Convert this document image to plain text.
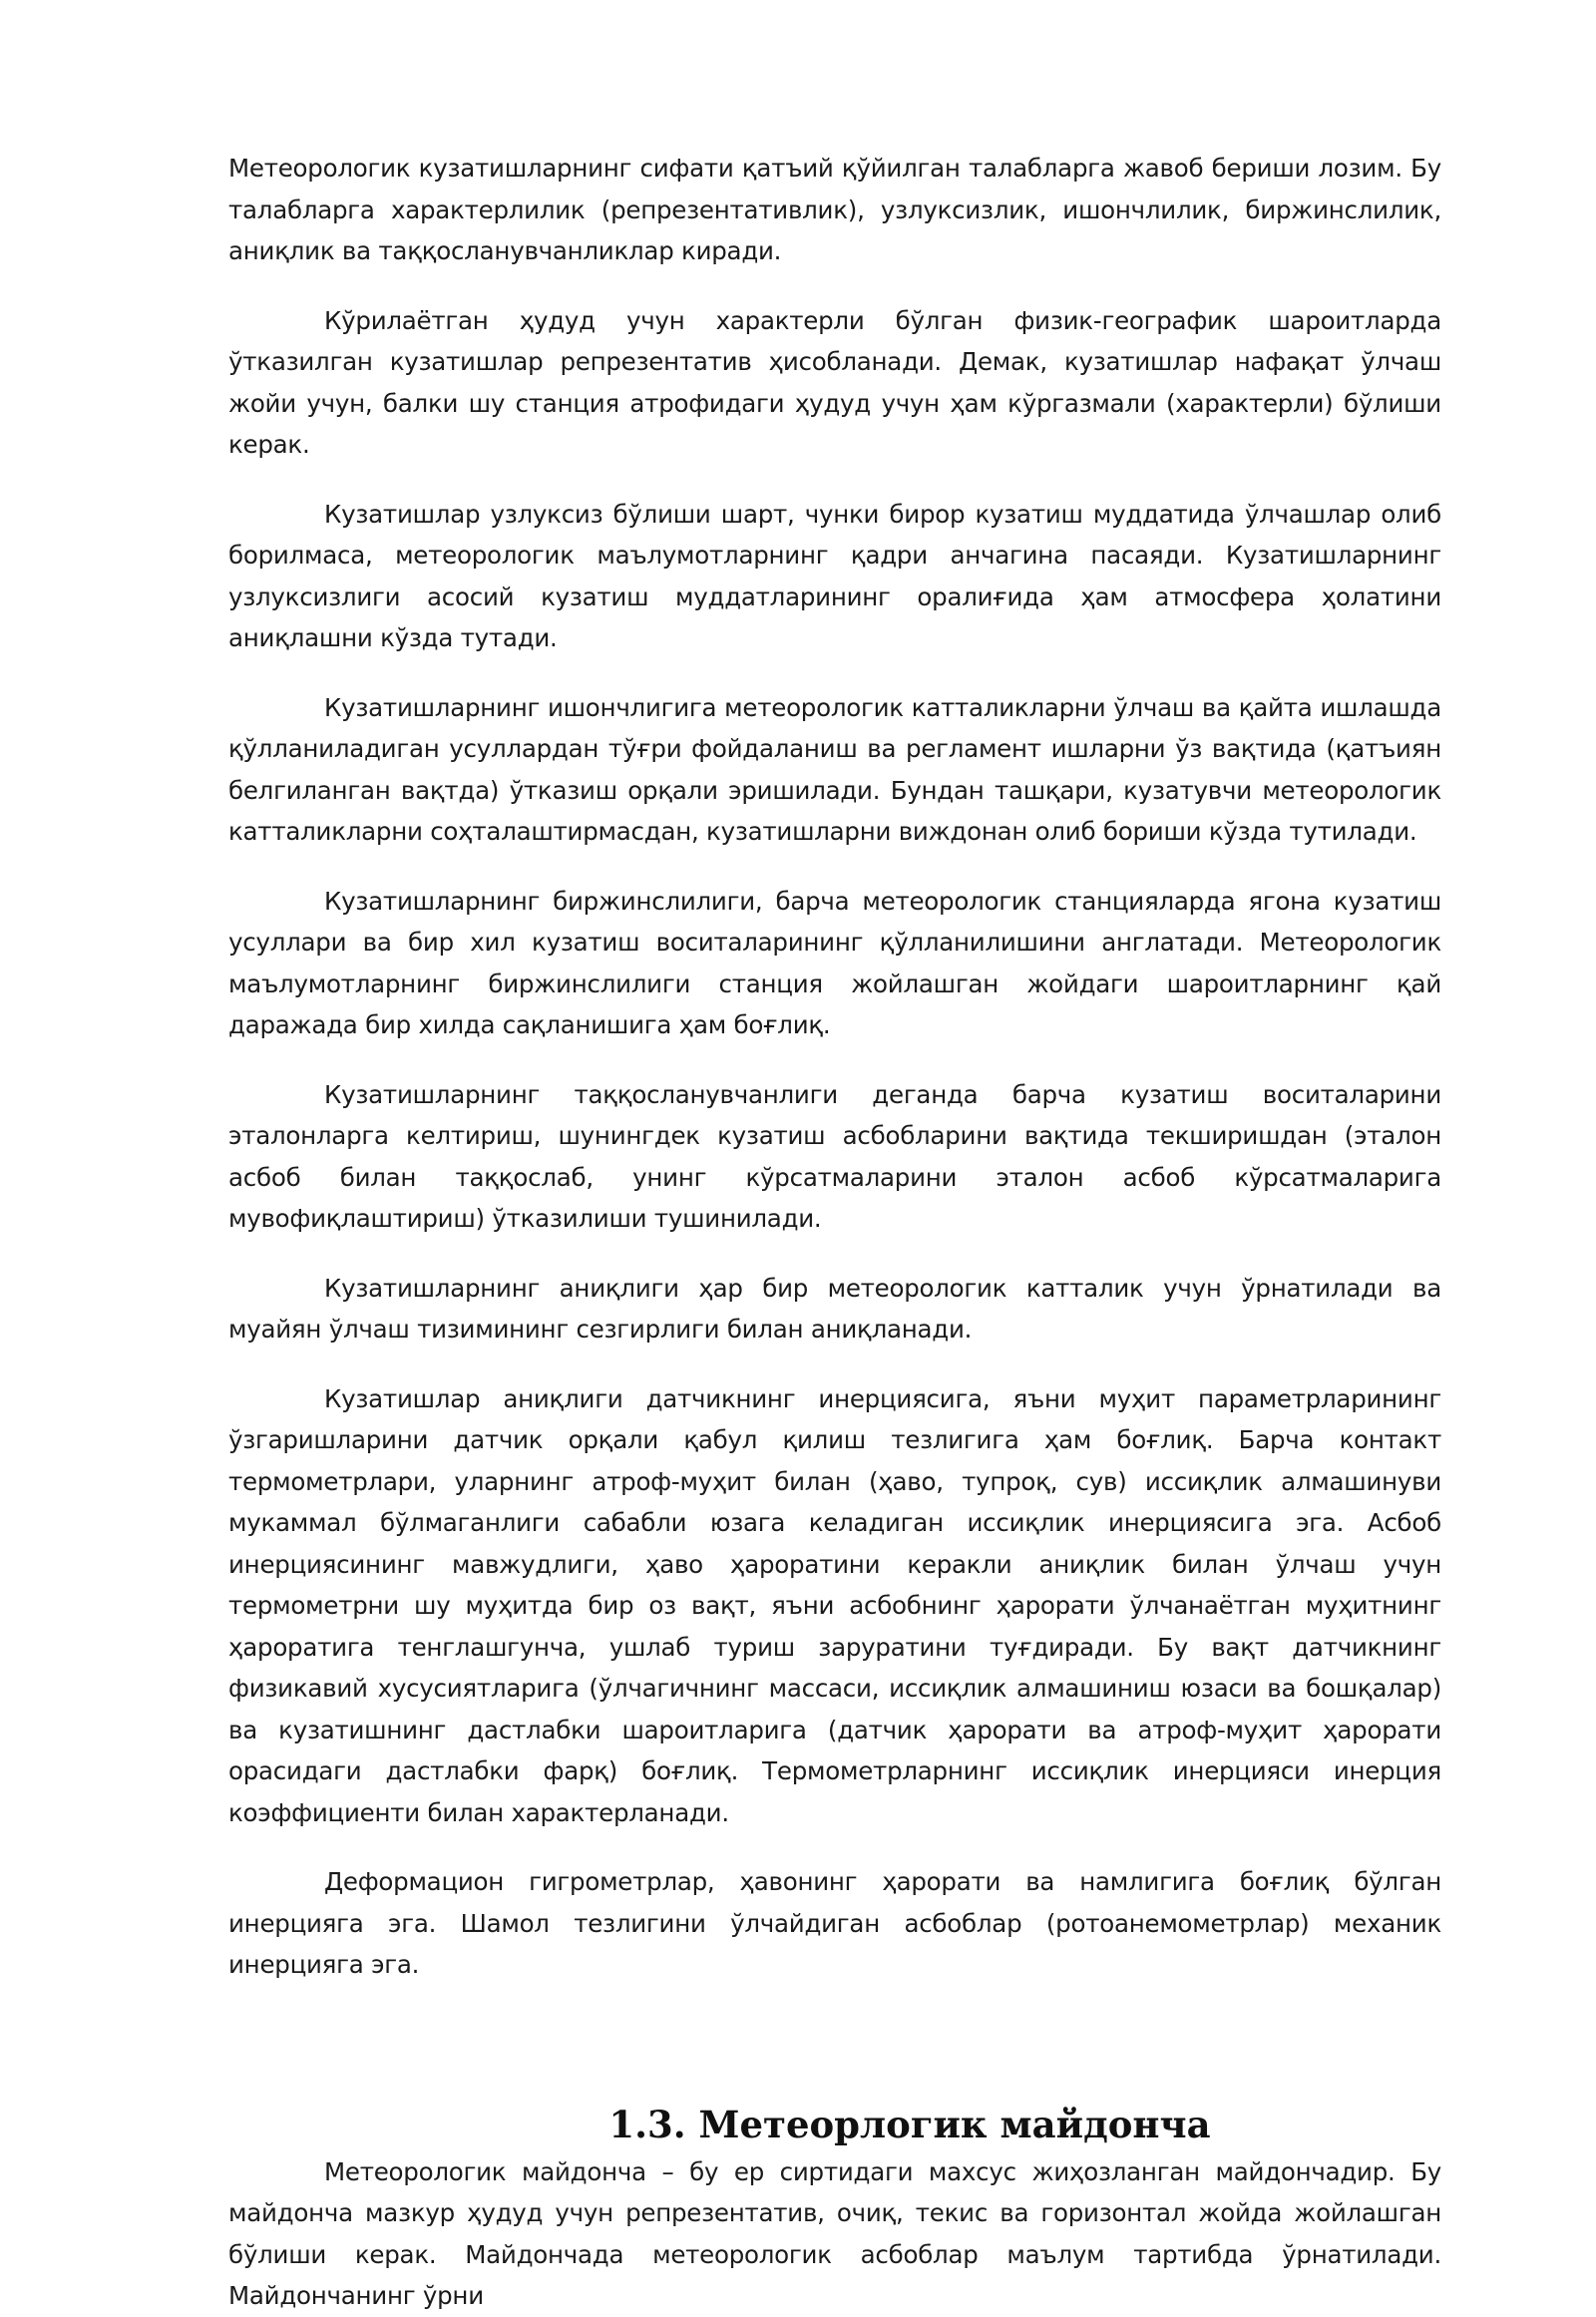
Метеорологик кузатишларнинг сифати қатъий қўйилган талабларга жавоб бериши лозим. Бу талабларга характерлилик (репрезентативлик), узлуксизлик, ишончлилик, биржинслилик, аниқлик ва таққосланувчанликлар киради.

Кўрилаётган ҳудуд учун характерли бўлган физик-географик шароитларда ўтказилган кузатишлар репрезентатив ҳисобланади. Демак, кузатишлар нафақат ўлчаш жойи учун, балки шу станция атрофидаги ҳудуд учун ҳам кўргазмали (характерли) бўлиши керак.

Кузатишлар узлуксиз бўлиши шарт, чунки бирор кузатиш муддатида ўлчашлар олиб борилмаса, метеорологик маълумотларнинг қадри анчагина пасаяди. Кузатишларнинг узлуксизлиги асосий кузатиш муддатларининг оралиғида ҳам атмосфера ҳолатини аниқлашни кўзда тутади.

Кузатишларнинг ишончлигига метеорологик катталикларни ўлчаш ва қайта ишлашда қўлланиладиган усуллардан тўғри фойдаланиш ва регламент ишларни ўз вақтида (қатъиян белгиланган вақтда) ўтказиш орқали эришилади. Бундан ташқари, кузатувчи метеорологик катталикларни соҳталаштирмасдан, кузатишларни виждонан олиб бориши кўзда тутилади.

Кузатишларнинг биржинслилиги, барча метеорологик станцияларда ягона кузатиш усуллари ва бир хил кузатиш воситаларининг қўлланилишини англатади. Метеорологик маълумотларнинг биржинслилиги станция жойлашган жойдаги шароитларнинг қай даражада бир хилда сақланишига ҳам боғлиқ.

Кузатишларнинг таққосланувчанлиги деганда барча кузатиш воситаларини эталонларга келтириш, шунингдек кузатиш асбобларини вақтида текширишдан (эталон асбоб билан таққослаб, унинг кўрсатмаларини эталон асбоб кўрсатмаларига мувофиқлаштириш) ўтказилиши тушинилади.

Кузатишларнинг аниқлиги ҳар бир метеорологик катталик учун ўрнатилади ва муайян ўлчаш тизимининг сезгирлиги билан аниқланади.

Кузатишлар аниқлиги датчикнинг инерциясига, яъни муҳит параметрларининг ўзгаришларини датчик орқали қабул қилиш тезлигига ҳам боғлиқ. Барча контакт термометрлари, уларнинг атроф-муҳит билан (ҳаво, тупроқ, сув) иссиқлик алмашинуви мукаммал бўлмаганлиги сабабли юзага келадиган иссиқлик инерциясига эга. Асбоб инерциясининг мавжудлиги, ҳаво ҳароратини керакли аниқлик билан ўлчаш учун термометрни шу муҳитда бир оз вақт, яъни асбобнинг ҳарорати ўлчанаётган муҳитнинг ҳароратига тенглашгунча, ушлаб туриш заруратини туғдиради. Бу вақт датчикнинг физикавий хусусиятларига (ўлчагичнинг массаси, иссиқлик алмашиниш юзаси ва бошқалар) ва кузатишнинг дастлабки шароитларига (датчик ҳарорати ва атроф-муҳит ҳарорати орасидаги дастлабки фарқ) боғлиқ. Термометрларнинг иссиқлик инерцияси инерция коэффициенти билан характерланади.

Деформацион гигрометрлар, ҳавонинг ҳарорати ва намлигига боғлиқ бўлган инерцияга эга. Шамол тезлигини ўлчайдиган асбоблар (ротоанемометрлар) механик инерцияга эга.

1.3. Метеорлогик майдонча

Метеорологик майдонча – бу ер сиртидаги махсус жиҳозланган майдончадир. Бу майдонча мазкур ҳудуд учун репрезентатив, очиқ, текис ва горизонтал жойда жойлашган бўлиши керак. Майдончада метеорологик асбоблар маълум тартибда ўрнатилади. Майдончанинг ўрни
